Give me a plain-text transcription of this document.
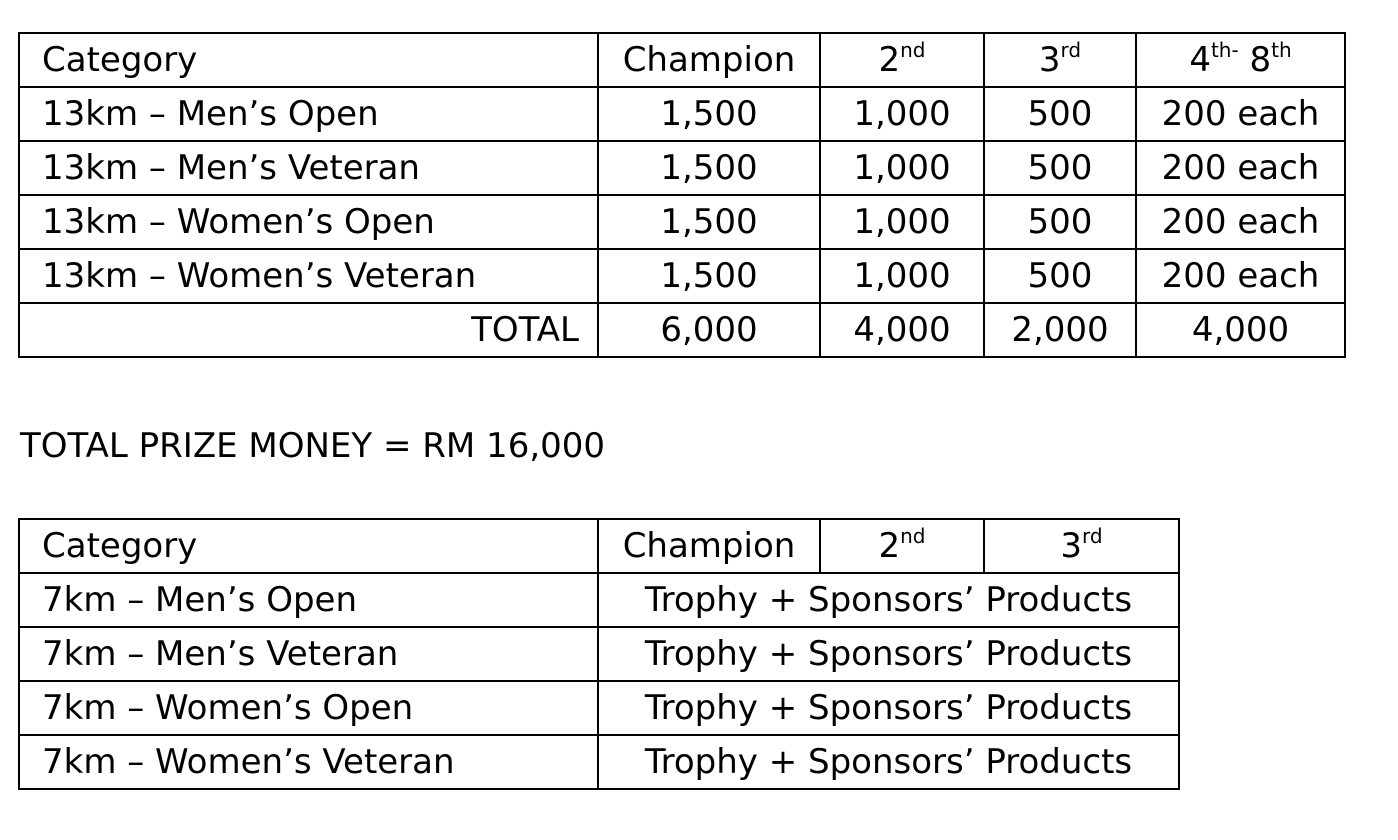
Category	Champion	2nd	3rd	$4^{th-}$ 8th
13km – Men’s Open	1,500	1,000	500	200 each
13km – Men’s Veteran	1,500	1,000	500	200 each
13km – Women’s Open	1,500	1,000	500	200 each
13km – Women’s Veteran	1,500	1,000	500	200 each
TOTAL	6,000	4,000	2,000	4,000
TOTAL PRIZE MONEY = RM 16,000
Category	Champion	2nd	3rd
7km – Men’s Open	Trophy + Sponsors’ Products		
7km – Men’s Veteran	Trophy + Sponsors’ Products		
7km – Women’s Open	Trophy + Sponsors’ Products		
7km – Women’s Veteran	Trophy + Sponsors’ Products		
